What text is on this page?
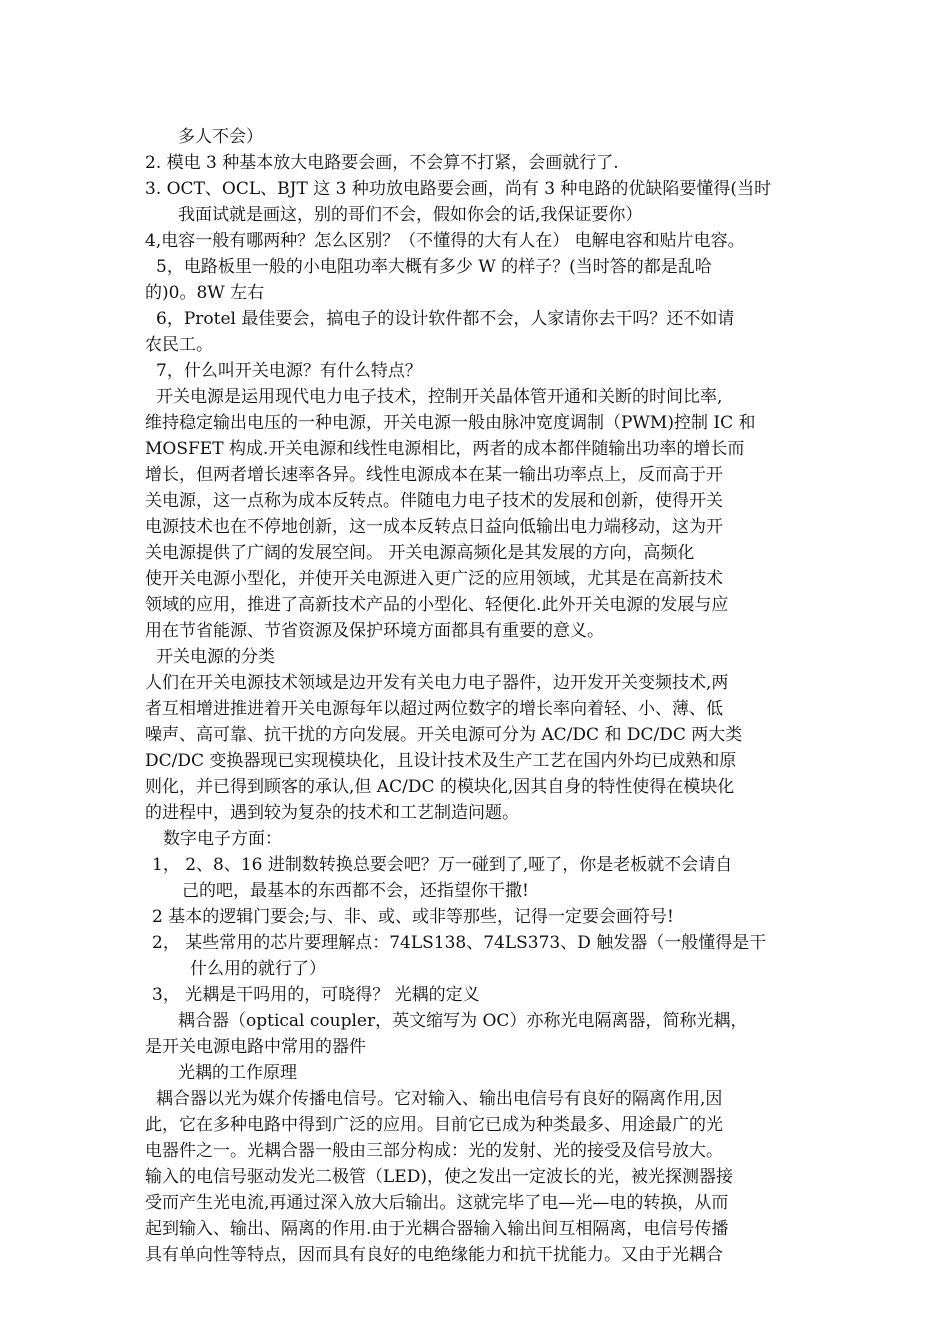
多人不会）
2. 模电 3 种基本放大电路要会画，不会算不打紧，会画就行了.
3. OCT、OCL、BJT 这 3 种功放电路要会画，尚有 3 种电路的优缺陷要懂得(当时
我面试就是画这，别的哥们不会，假如你会的话,我保证要你）
4,电容一般有哪两种？怎么区别？（不懂得的大有人在） 电解电容和贴片电容。
5，电路板里一般的小电阻功率大概有多少 W 的样子？(当时答的都是乱哈
的)0。8W 左右
6，Protel 最佳要会，搞电子的设计软件都不会，人家请你去干吗？还不如请
农民工。
7，什么叫开关电源？有什么特点？
开关电源是运用现代电力电子技术，控制开关晶体管开通和关断的时间比率,
维持稳定输出电压的一种电源，开关电源一般由脉冲宽度调制（PWM)控制 IC 和
MOSFET 构成.开关电源和线性电源相比，两者的成本都伴随输出功率的增长而
增长，但两者增长速率各异。线性电源成本在某一输出功率点上，反而高于开
关电源，这一点称为成本反转点。伴随电力电子技术的发展和创新，使得开关
电源技术也在不停地创新，这一成本反转点日益向低输出电力端移动，这为开
关电源提供了广阔的发展空间。 开关电源高频化是其发展的方向，高频化
使开关电源小型化，并使开关电源进入更广泛的应用领域，尤其是在高新技术
领域的应用，推进了高新技术产品的小型化、轻便化.此外开关电源的发展与应
用在节省能源、节省资源及保护环境方面都具有重要的意义。
开关电源的分类
人们在开关电源技术领域是边开发有关电力电子器件，边开发开关变频技术,两
者互相增进推进着开关电源每年以超过两位数字的增长率向着轻、小、薄、低
噪声、高可靠、抗干扰的方向发展。开关电源可分为 AC/DC 和 DC/DC 两大类
DC/DC 变换器现已实现模块化，且设计技术及生产工艺在国内外均已成熟和原
则化，并已得到顾客的承认,但 AC/DC 的模块化,因其自身的特性使得在模块化
的进程中，遇到较为复杂的技术和工艺制造问题。
数字电子方面：
1， 2、8、16 进制数转换总要会吧？万一碰到了,哑了，你是老板就不会请自
己的吧，最基本的东西都不会，还指望你干撒!
2 基本的逻辑门要会;与、非、或、或非等那些，记得一定要会画符号!
2， 某些常用的芯片要理解点：74LS138、74LS373、D 触发器（一般懂得是干
什么用的就行了）
3， 光耦是干吗用的，可晓得？ 光耦的定义
耦合器（optical coupler，英文缩写为 OC）亦称光电隔离器，简称光耦，
是开关电源电路中常用的器件
光耦的工作原理
耦合器以光为媒介传播电信号。它对输入、输出电信号有良好的隔离作用,因
此，它在多种电路中得到广泛的应用。目前它已成为种类最多、用途最广的光
电器件之一。光耦合器一般由三部分构成：光的发射、光的接受及信号放大。
输入的电信号驱动发光二极管（LED)，使之发出一定波长的光，被光探测器接
受而产生光电流,再通过深入放大后输出。这就完毕了电—光—电的转换，从而
起到输入、输出、隔离的作用.由于光耦合器输入输出间互相隔离，电信号传播
具有单向性等特点，因而具有良好的电绝缘能力和抗干扰能力。又由于光耦合
